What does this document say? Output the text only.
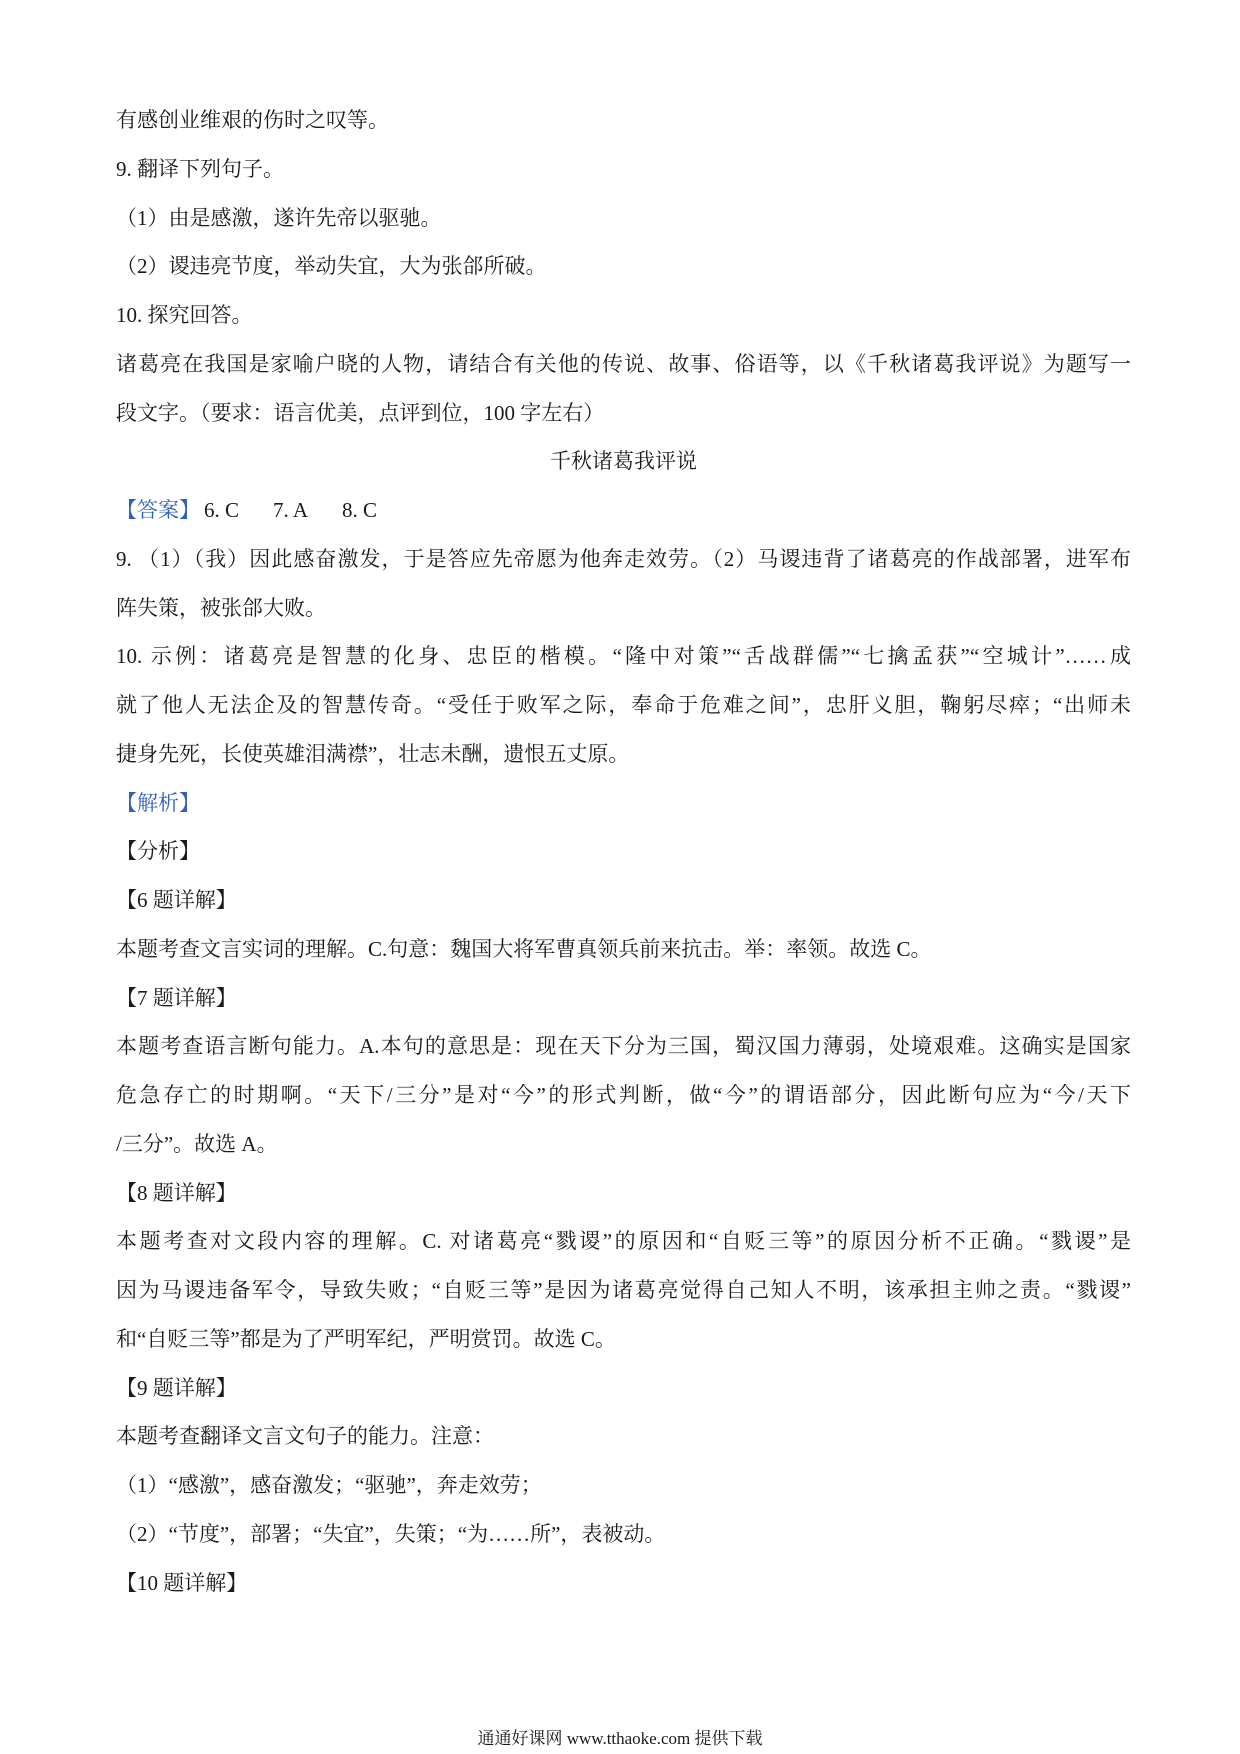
有感创业维艰的伤时之叹等。
9. 翻译下列句子。
（1）由是感激，遂许先帝以驱驰。
（2）谡违亮节度，举动失宜，大为张郃所破。
10. 探究回答。
诸葛亮在我国是家喻户晓的人物，请结合有关他的传说、故事、俗语等，以《千秋诸葛我评说》为题写一
段文字。（要求：语言优美，点评到位，100 字左右）
千秋诸葛我评说
【答案】 6. C 7. A 8. C
9. （1）（我）因此感奋激发，于是答应先帝愿为他奔走效劳。（2）马谡违背了诸葛亮的作战部署，进军布
阵失策，被张郃大败。
10. 示例：诸葛亮是智慧的化身、忠臣的楷模。“隆中对策”“舌战群儒”“七擒孟获”“空城计”……成
就了他人无法企及的智慧传奇。“受任于败军之际，奉命于危难之间”，忠肝义胆，鞠躬尽瘁；“出师未
捷身先死，长使英雄泪满襟”，壮志未酬，遗恨五丈原。
【解析】
【分析】
【6 题详解】
本题考查文言实词的理解。C.句意：魏国大将军曹真领兵前来抗击。举：率领。故选 C。
【7 题详解】
本题考查语言断句能力。A.本句的意思是：现在天下分为三国，蜀汉国力薄弱，处境艰难。这确实是国家
危急存亡的时期啊。“天下/三分”是对“今”的形式判断，做“今”的谓语部分，因此断句应为“今/天下
/三分”。故选 A。
【8 题详解】
本题考查对文段内容的理解。C. 对诸葛亮“戮谡”的原因和“自贬三等”的原因分析不正确。“戮谡”是
因为马谡违备军令，导致失败；“自贬三等”是因为诸葛亮觉得自己知人不明，该承担主帅之责。“戮谡”
和“自贬三等”都是为了严明军纪，严明赏罚。故选 C。
【9 题详解】
本题考查翻译文言文句子的能力。注意：
（1）“感激”，感奋激发；“驱驰”，奔走效劳；
（2）“节度”，部署；“失宜”，失策；“为……所”，表被动。
【10 题详解】
通通好课网 www.tthaoke.com 提供下载
